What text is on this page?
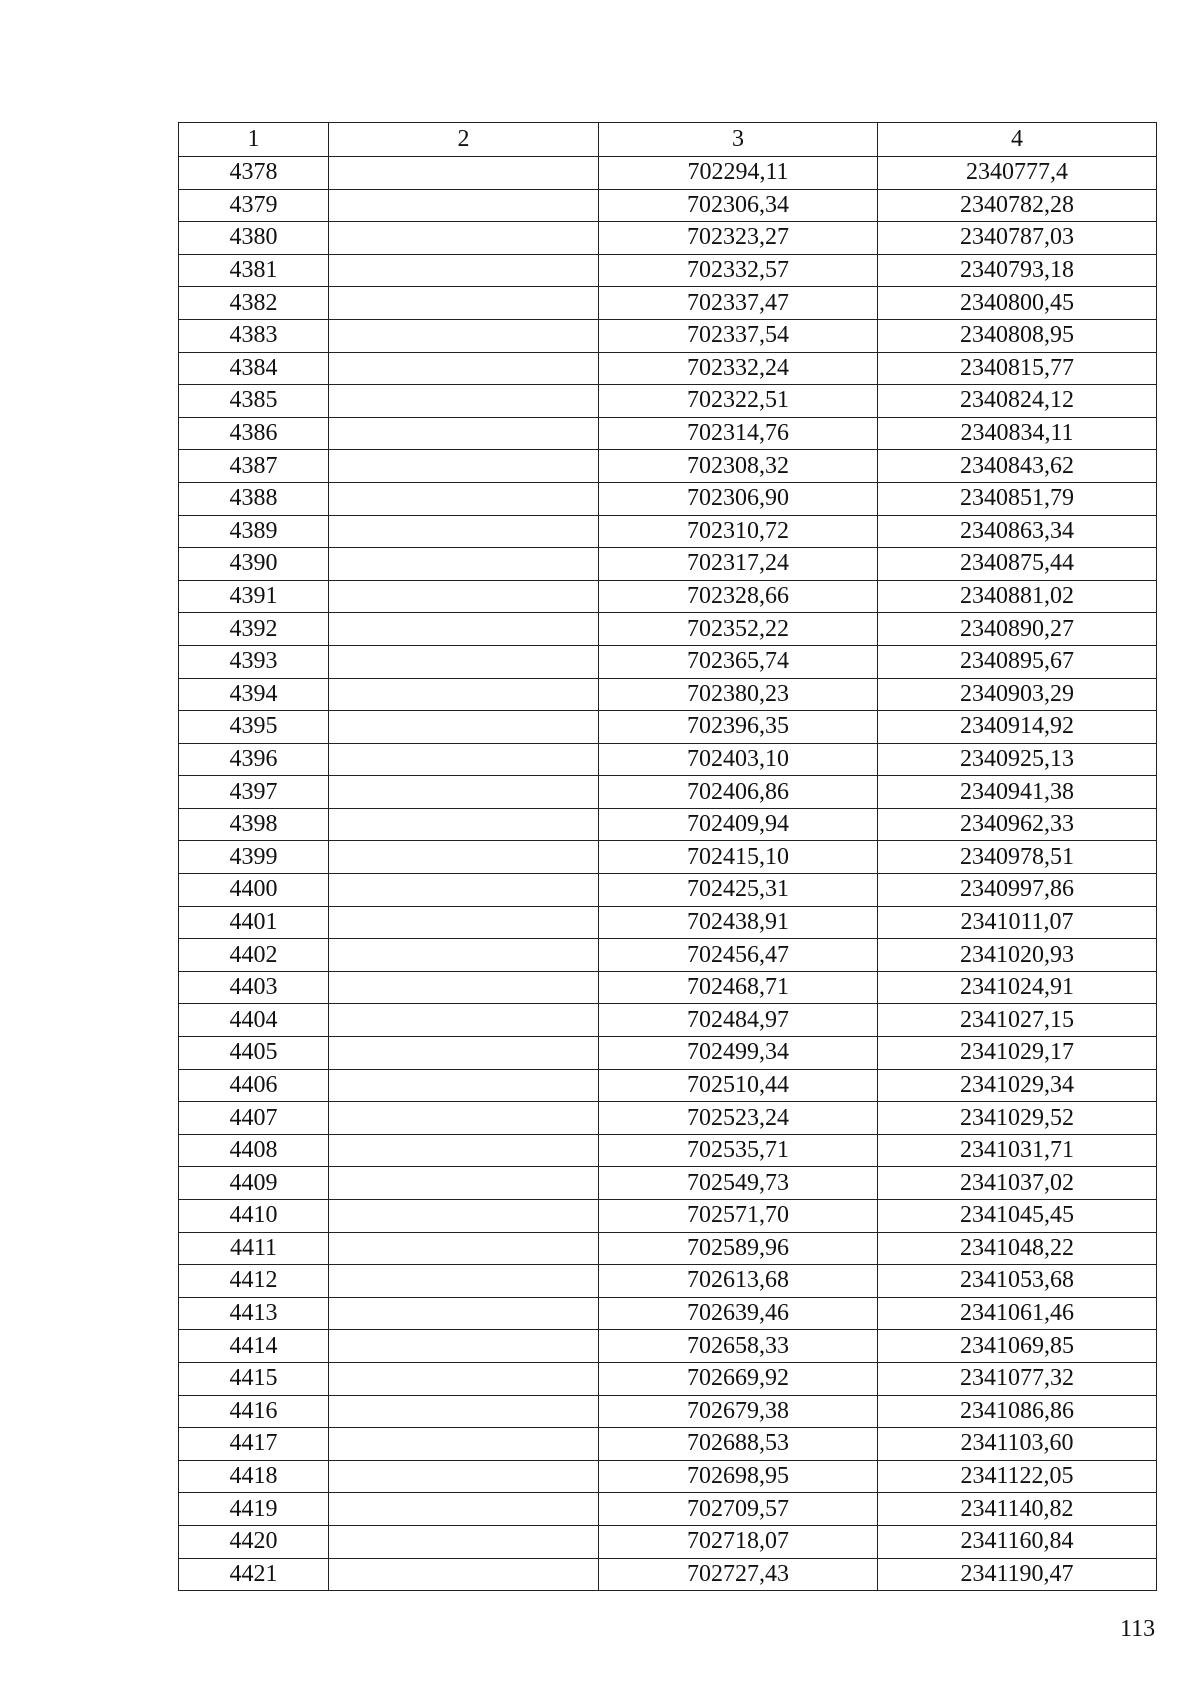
1	2	3	4
4378		702294,11	2340777,4
4379		702306,34	2340782,28
4380		702323,27	2340787,03
4381		702332,57	2340793,18
4382		702337,47	2340800,45
4383		702337,54	2340808,95
4384		702332,24	2340815,77
4385		702322,51	2340824,12
4386		702314,76	2340834,11
4387		702308,32	2340843,62
4388		702306,90	2340851,79
4389		702310,72	2340863,34
4390		702317,24	2340875,44
4391		702328,66	2340881,02
4392		702352,22	2340890,27
4393		702365,74	2340895,67
4394		702380,23	2340903,29
4395		702396,35	2340914,92
4396		702403,10	2340925,13
4397		702406,86	2340941,38
4398		702409,94	2340962,33
4399		702415,10	2340978,51
4400		702425,31	2340997,86
4401		702438,91	2341011,07
4402		702456,47	2341020,93
4403		702468,71	2341024,91
4404		702484,97	2341027,15
4405		702499,34	2341029,17
4406		702510,44	2341029,34
4407		702523,24	2341029,52
4408		702535,71	2341031,71
4409		702549,73	2341037,02
4410		702571,70	2341045,45
4411		702589,96	2341048,22
4412		702613,68	2341053,68
4413		702639,46	2341061,46
4414		702658,33	2341069,85
4415		702669,92	2341077,32
4416		702679,38	2341086,86
4417		702688,53	2341103,60
4418		702698,95	2341122,05
4419		702709,57	2341140,82
4420		702718,07	2341160,84
4421		702727,43	2341190,47
113
